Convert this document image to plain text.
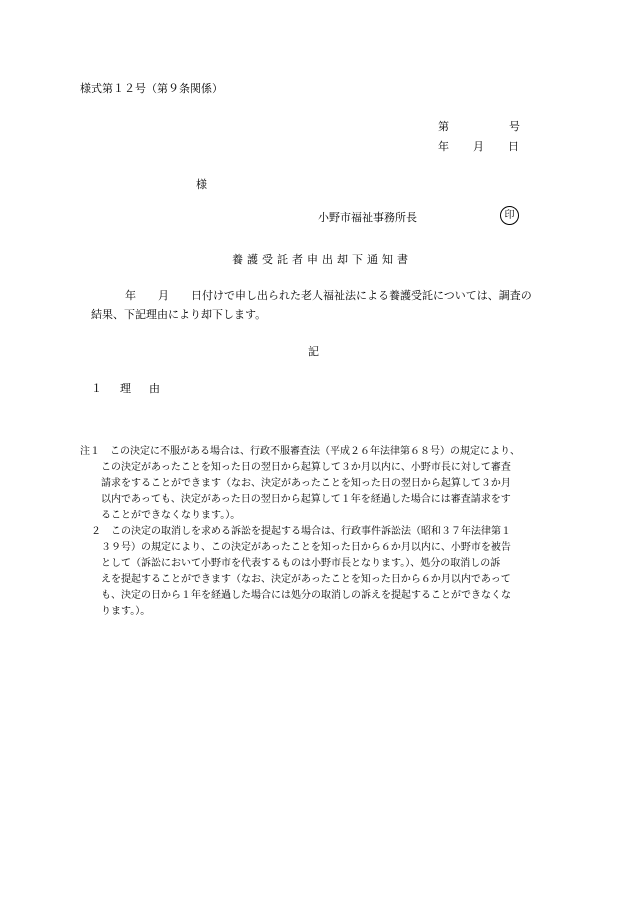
様式第１２号（第９条関係）
第	号
年 月 日
様
小野市福祉事務所長	印
養護受託者申出却下通知書
年 月 日付けで申し出られた老人福祉法による養護受託については、調査の
結果、下記理由により却下します。
記
１ 理 由
注１　この決定に不服がある場合は、行政不服審査法（平成２６年法律第６８号）の規定により、
この決定があったことを知った日の翌日から起算して３か月以内に、小野市長に対して審査
請求をすることができます（なお、決定があったことを知った日の翌日から起算して３か月
以内であっても、決定があった日の翌日から起算して１年を経過した場合には審査請求をす
ることができなくなります。）。
２　この決定の取消しを求める訴訟を提起する場合は、行政事件訴訟法（昭和３７年法律第１
３９号）の規定により、この決定があったことを知った日から６か月以内に、小野市を被告
として（訴訟において小野市を代表するものは小野市長となります。）、処分の取消しの訴
えを提起することができます（なお、決定があったことを知った日から６か月以内であって
も、決定の日から１年を経過した場合には処分の取消しの訴えを提起することができなくな
ります。）。
